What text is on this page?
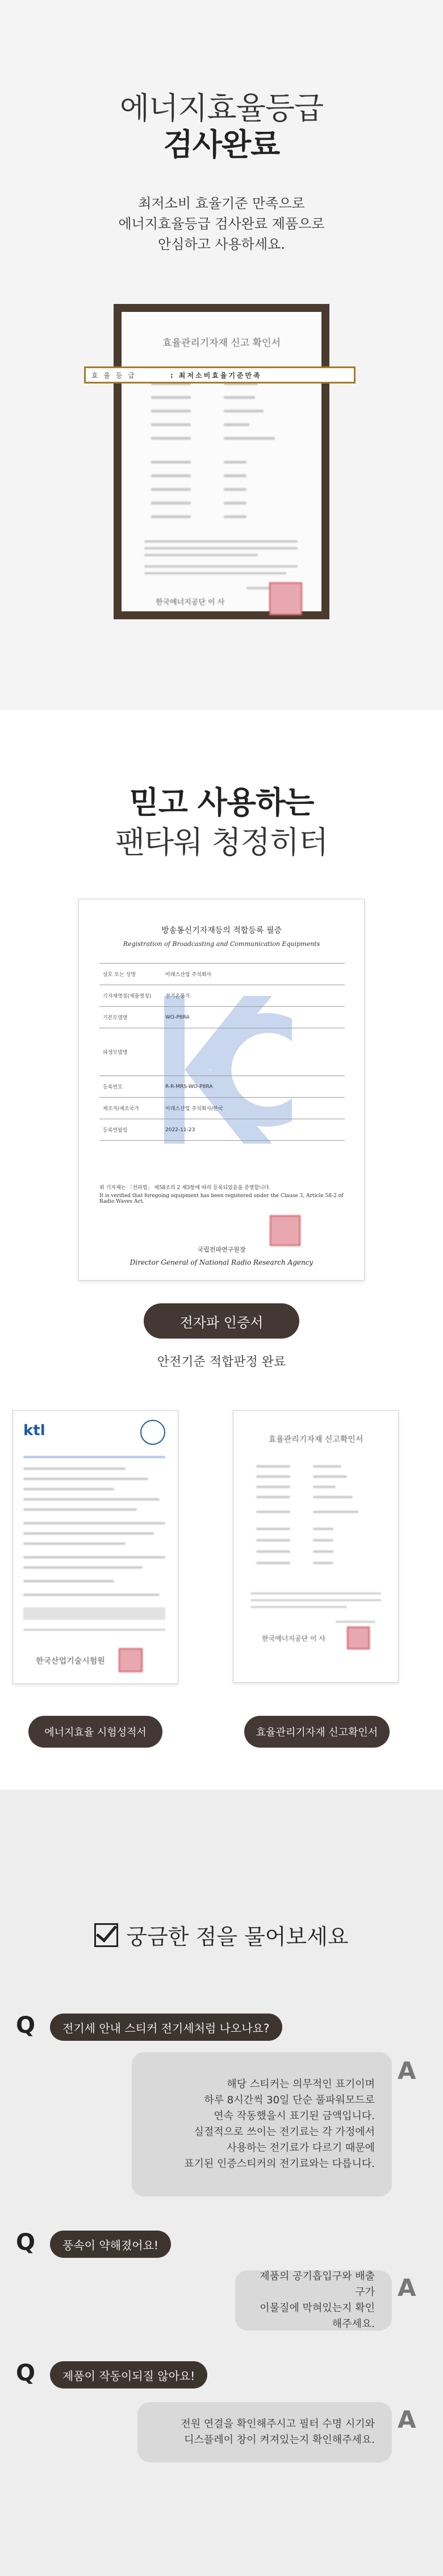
에너지효율등급
검사완료
최저소비 효율기준 만족으로
에너지효율등급 검사완료 제품으로
안심하고 사용하세요.
효율관리기자재 신고 확인서
한국에너지공단 이 사
효 율 등 급	: 최저소비효율기준만족
믿고 사용하는
팬타워 청정히터
방송통신기자재등의 적합등록 필증
Registration of Broadcasting and Communication Equipments
상호 또는 성명	미래스산업 주식회사
기자재명칭(제품명칭)	전기온풍기
기본모델명	WO-P8RA
파생모델명	
등록번호	R-R-MRS-WO-P8RA
제조자/제조국가	미래스산업 주식회사/한국
등록연월일	2022-11-23
위 기자재는 「전파법」 제58조의 2 제3항에 따라 등록되었음을 증명합니다.
It is verified that foregoing equipment has been registered under the Clause 3, Article 58-2 of Radio Waves Act.
국립전파연구원장
Director General of National Radio Research Agency
전자파 인증서
안전기준 적합판정 완료
ktl
한국산업기술시험원
효율관리기자재 신고확인서
한국에너지공단 이 사
에너지효율 시험성적서	효율관리기자재 신고확인서
궁금한 점을 물어보세요
Q	전기세 안내 스티커 전기세처럼 나오나요?
A
해당 스티커는 의무적인 표기이며
하루 8시간씩 30일 단순 풀파워모드로
연속 작동했을시 표기된 금액입니다.
실절적으로 쓰이는 전기료는 각 가정에서
사용하는 전기료가 다르기 때문에
표기된 인증스티커의 전기료와는 다릅니다.
Q	풍속이 약해졌어요!
A
제품의 공기흡입구와 배출구가
이물질에 막혀있는지 확인해주세요.
Q	제품이 작동이되질 않아요!
A
전원 연결을 확인해주시고 필터 수명 시기와
디스플레이 창이 켜져있는지 확인해주세요.
